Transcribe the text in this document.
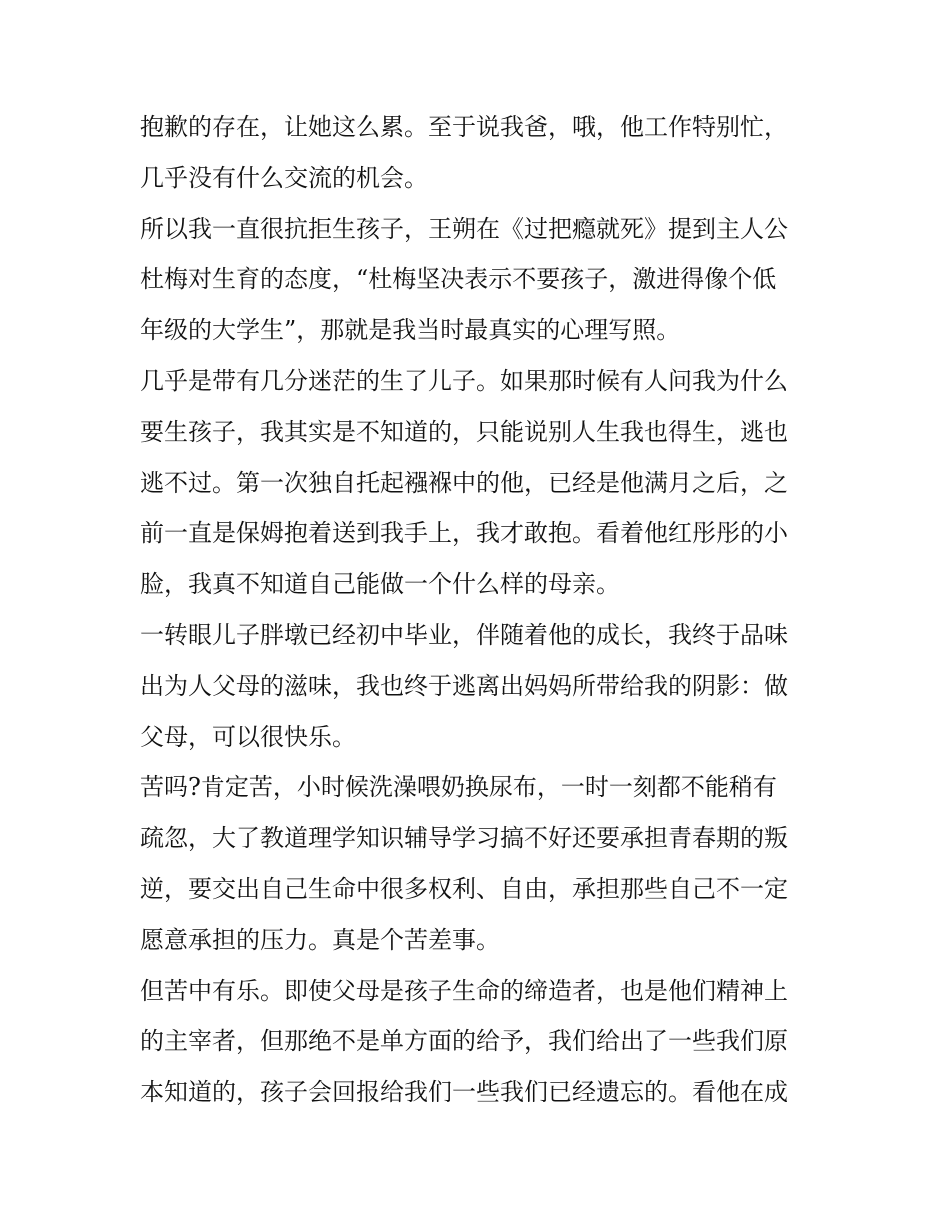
抱歉的存在，让她这么累。至于说我爸，哦，他工作特别忙，
几乎没有什么交流的机会。
所以我一直很抗拒生孩子，王朔在《过把瘾就死》提到主人公
杜梅对生育的态度，“杜梅坚决表示不要孩子，激进得像个低
年级的大学生”，那就是我当时最真实的心理写照。
几乎是带有几分迷茫的生了儿子。如果那时候有人问我为什么
要生孩子，我其实是不知道的，只能说别人生我也得生，逃也
逃不过。第一次独自托起襁褓中的他，已经是他满月之后，之
前一直是保姆抱着送到我手上，我才敢抱。看着他红彤彤的小
脸，我真不知道自己能做一个什么样的母亲。
一转眼儿子胖墩已经初中毕业，伴随着他的成长，我终于品味
出为人父母的滋味，我也终于逃离出妈妈所带给我的阴影：做
父母，可以很快乐。
苦吗?肯定苦，小时候洗澡喂奶换尿布，一时一刻都不能稍有
疏忽，大了教道理学知识辅导学习搞不好还要承担青春期的叛
逆，要交出自己生命中很多权利、自由，承担那些自己不一定
愿意承担的压力。真是个苦差事。
但苦中有乐。即使父母是孩子生命的缔造者，也是他们精神上
的主宰者，但那绝不是单方面的给予，我们给出了一些我们原
本知道的，孩子会回报给我们一些我们已经遗忘的。看他在成
